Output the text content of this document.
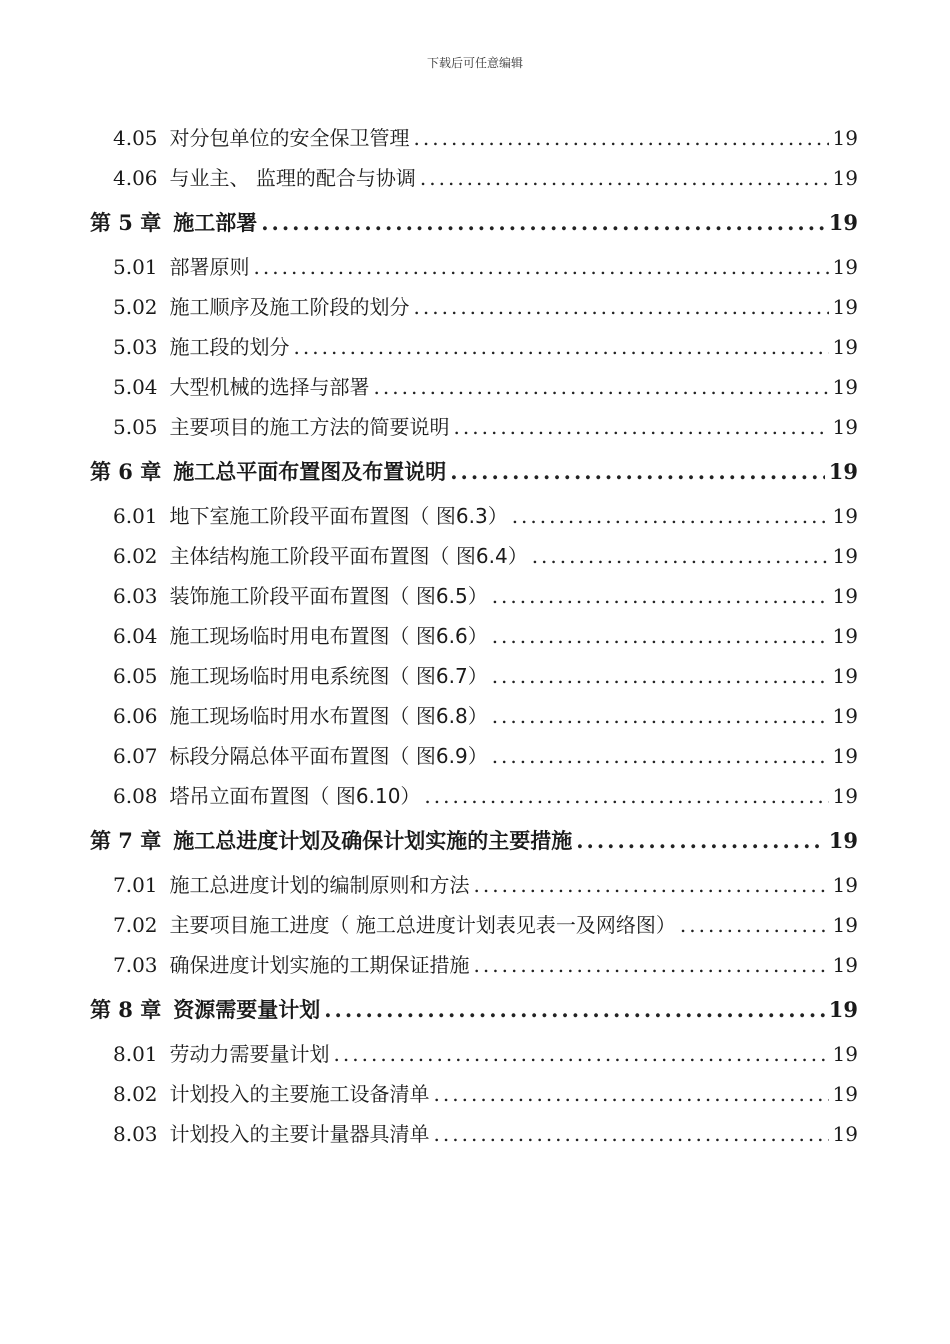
下载后可任意编辑
4.05 对分包单位的安全保卫管理 .....	19
4.06 与业主、 监理的配合与协调 .....	19
第 5 章 施工部署 .....	19
5.01 部署原则 .....	19
5.02 施工顺序及施工阶段的划分 .....	19
5.03 施工段的划分 .....	19
5.04 大型机械的选择与部署 .....	19
5.05 主要项目的施工方法的简要说明 .....	19
第 6 章 施工总平面布置图及布置说明 .....	19
6.01 地下室施工阶段平面布置图（ 图6.3） .....	19
6.02 主体结构施工阶段平面布置图（ 图6.4） .....	19
6.03 装饰施工阶段平面布置图（ 图6.5） .....	19
6.04 施工现场临时用电布置图（ 图6.6） .....	19
6.05 施工现场临时用电系统图（ 图6.7） .....	19
6.06 施工现场临时用水布置图（ 图6.8） .....	19
6.07 标段分隔总体平面布置图（ 图6.9） .....	19
6.08 塔吊立面布置图（ 图6.10） .....	19
第 7 章 施工总进度计划及确保计划实施的主要措施 .....	19
7.01 施工总进度计划的编制原则和方法 .....	19
7.02 主要项目施工进度（ 施工总进度计划表见表一及网络图） .....	19
7.03 确保进度计划实施的工期保证措施 .....	19
第 8 章 资源需要量计划 .....	19
8.01 劳动力需要量计划 .....	19
8.02 计划投入的主要施工设备清单 .....	19
8.03 计划投入的主要计量器具清单 .....	19
